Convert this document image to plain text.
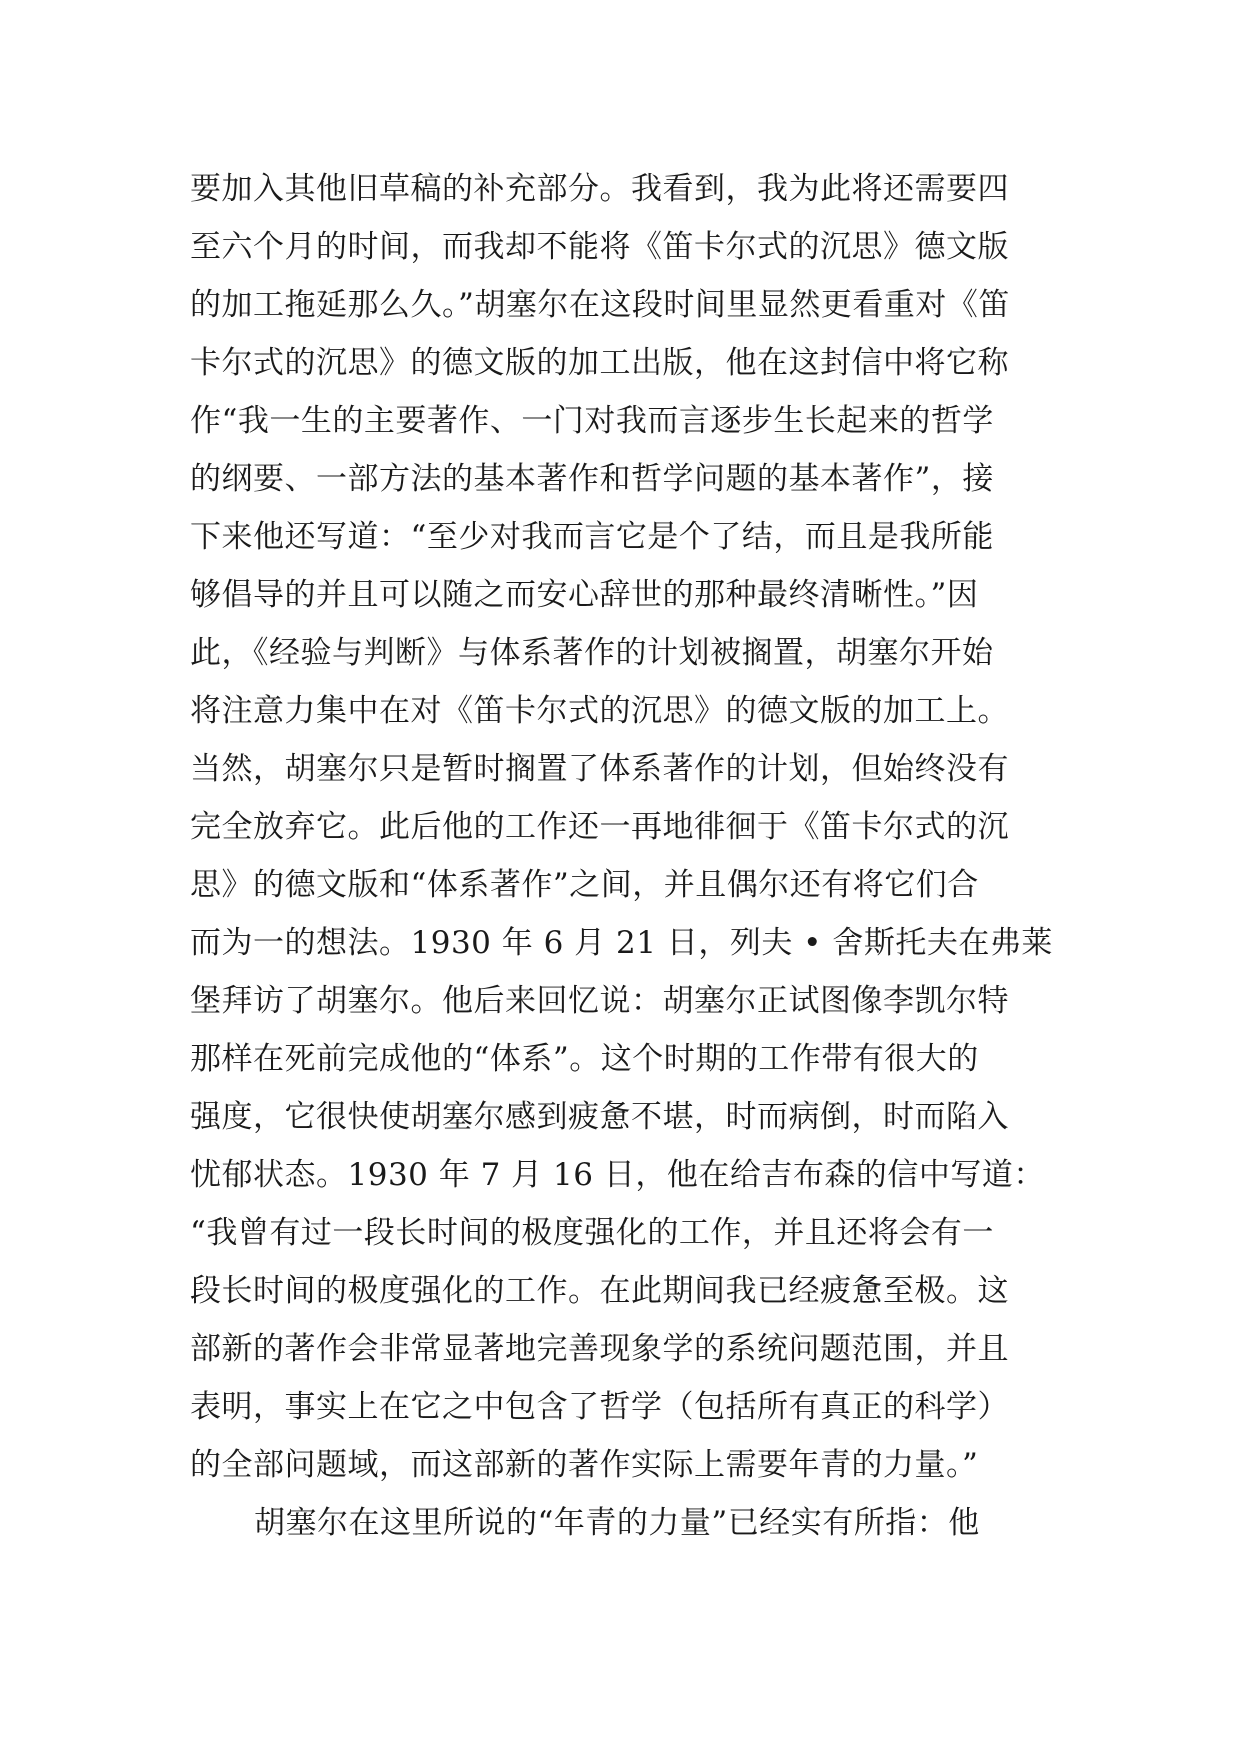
要加入其他旧草稿的补充部分。我看到，我为此将还需要四
至六个月的时间，而我却不能将《笛卡尔式的沉思》德文版
的加工拖延那么久。”胡塞尔在这段时间里显然更看重对《笛
卡尔式的沉思》的德文版的加工出版，他在这封信中将它称
作“我一生的主要著作、一门对我而言逐步生长起来的哲学
的纲要、一部方法的基本著作和哲学问题的基本著作”，接
下来他还写道：“至少对我而言它是个了结，而且是我所能
够倡导的并且可以随之而安心辞世的那种最终清晰性。”因
此，《经验与判断》与体系著作的计划被搁置，胡塞尔开始
将注意力集中在对《笛卡尔式的沉思》的德文版的加工上。
当然，胡塞尔只是暂时搁置了体系著作的计划，但始终没有
完全放弃它。此后他的工作还一再地徘徊于《笛卡尔式的沉
思》的德文版和“体系著作”之间，并且偶尔还有将它们合
而为一的想法。1930 年 6 月 21 日，列夫 • 舍斯托夫在弗莱
堡拜访了胡塞尔。他后来回忆说：胡塞尔正试图像李凯尔特
那样在死前完成他的“体系”。这个时期的工作带有很大的
强度，它很快使胡塞尔感到疲惫不堪，时而病倒，时而陷入
忧郁状态。1930 年 7 月 16 日，他在给吉布森的信中写道：
“我曾有过一段长时间的极度强化的工作，并且还将会有一
段长时间的极度强化的工作。在此期间我已经疲惫至极。这
部新的著作会非常显著地完善现象学的系统问题范围，并且
表明，事实上在它之中包含了哲学（包括所有真正的科学）
的全部问题域，而这部新的著作实际上需要年青的力量。”
胡塞尔在这里所说的“年青的力量”已经实有所指：他
